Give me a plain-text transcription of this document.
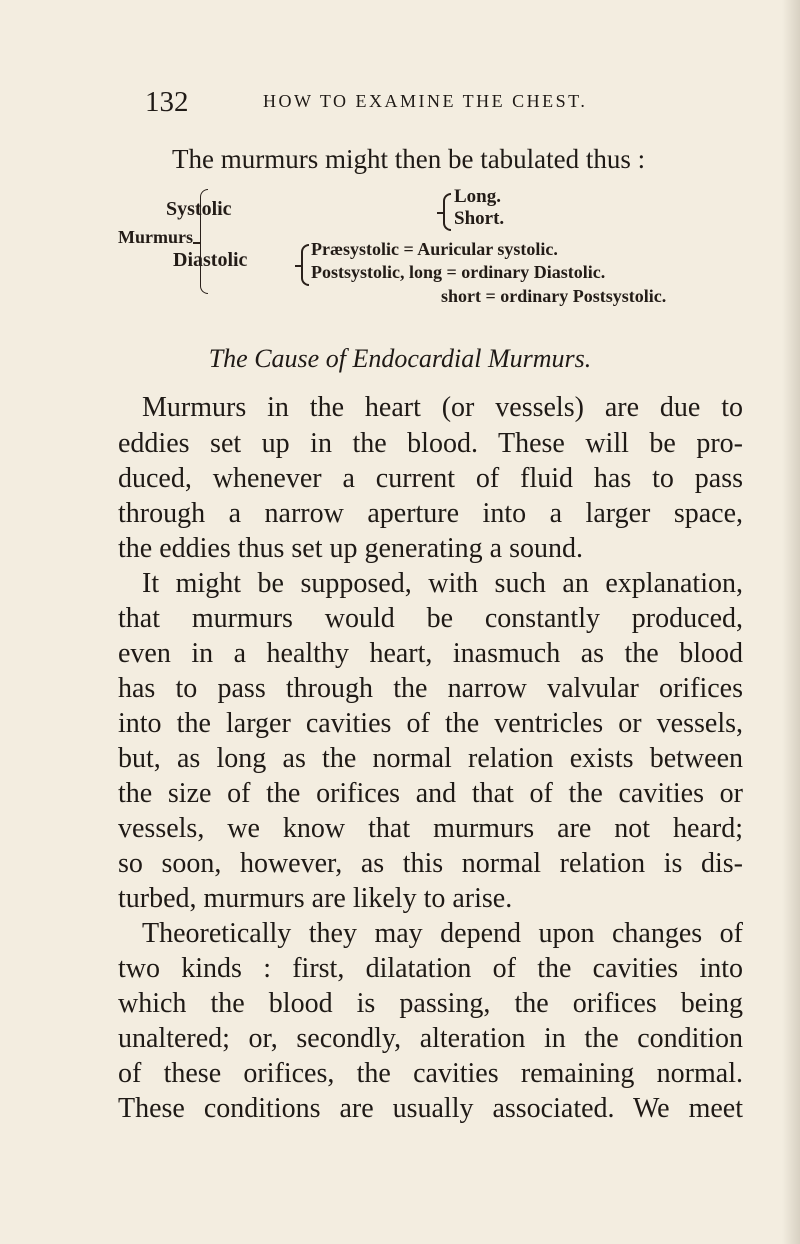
132	HOW TO EXAMINE THE CHEST.
The murmurs might then be tabulated thus :
Murmurs
Systolic
Long.
Short.
Diastolic	Præsystolic = Auricular systolic.
Postsystolic, long = ordinary Diastolic.
short = ordinary Postsystolic.
The Cause of Endocardial Murmurs.
Murmurs in the heart (or vessels) are due to
eddies set up in the blood. These will be pro-
duced, whenever a current of fluid has to pass
through a narrow aperture into a larger space,
the eddies thus set up generating a sound.
It might be supposed, with such an explanation,
that murmurs would be constantly produced,
even in a healthy heart, inasmuch as the blood
has to pass through the narrow valvular orifices
into the larger cavities of the ventricles or vessels,
but, as long as the normal relation exists between
the size of the orifices and that of the cavities or
vessels, we know that murmurs are not heard;
so soon, however, as this normal relation is dis-
turbed, murmurs are likely to arise.
Theoretically they may depend upon changes of
two kinds : first, dilatation of the cavities into
which the blood is passing, the orifices being
unaltered; or, secondly, alteration in the condition
of these orifices, the cavities remaining normal.
These conditions are usually associated. We meet
